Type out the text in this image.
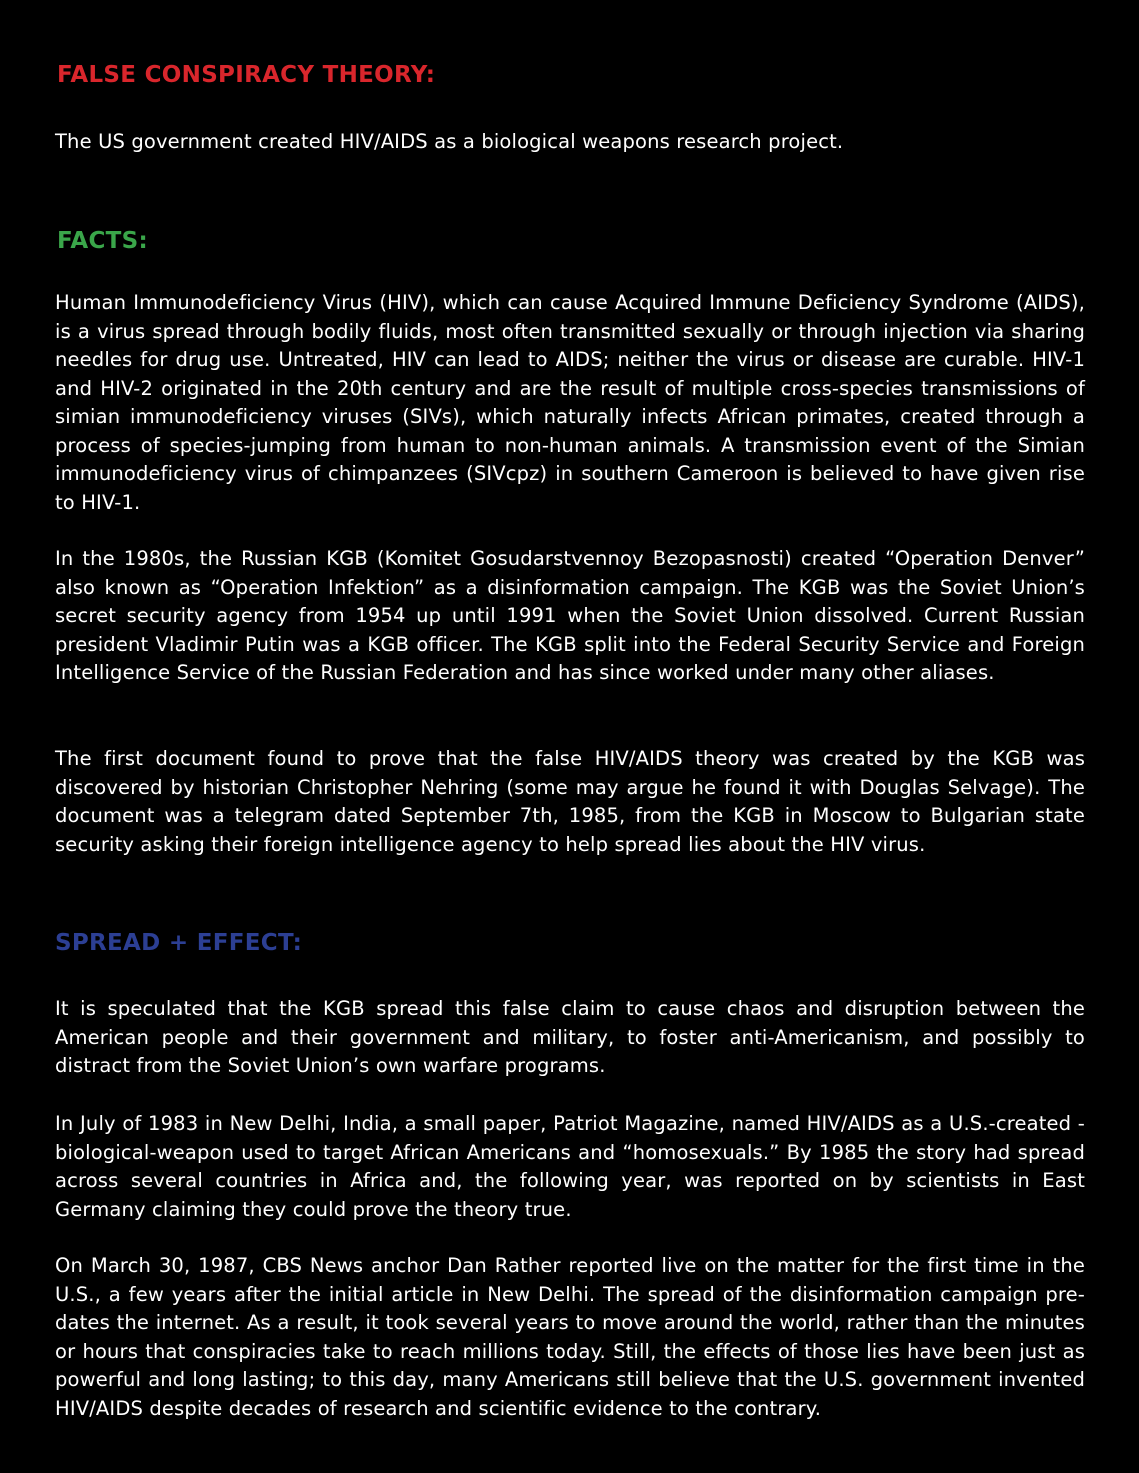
FALSE CONSPIRACY THEORY:

The US government created HIV/AIDS as a biological weapons research project.

FACTS:

Human Immunodeficiency Virus (HIV), which can cause Acquired Immune Deficiency Syndrome (AIDS), is a virus spread through bodily fluids, most often transmitted sexually or through injection via sharing needles for drug use. Untreated, HIV can lead to AIDS; neither the virus or disease are curable. HIV-1 and HIV-2 originated in the 20th century and are the result of multiple cross-species transmissions of simian immunodeficiency viruses (SIVs), which naturally infects African primates, created through a process of species-jumping from human to non-human animals. A transmission event of the Simian immunodeficiency virus of chimpanzees (SIVcpz) in southern Cameroon is believed to have given rise to HIV-1.

In the 1980s, the Russian KGB (Komitet Gosudarstvennoy Bezopasnosti) created “Operation Denver” also known as “Operation Infektion” as a disinformation campaign. The KGB was the Soviet Union’s secret security agency from 1954 up until 1991 when the Soviet Union dissolved. Current Russian president Vladimir Putin was a KGB officer. The KGB split into the Federal Security Service and Foreign Intelligence Service of the Russian Federation and has since worked under many other aliases.

The first document found to prove that the false HIV/AIDS theory was created by the KGB was discovered by historian Christopher Nehring (some may argue he found it with Douglas Selvage). The document was a telegram dated September 7th, 1985, from the KGB in Moscow to Bulgarian state security asking their foreign intelligence agency to help spread lies about the HIV virus.

SPREAD + EFFECT:

It is speculated that the KGB spread this false claim to cause chaos and disruption between the American people and their government and military, to foster anti-Americanism, and possibly to distract from the Soviet Union’s own warfare programs.

In July of 1983 in New Delhi, India, a small paper, Patriot Magazine, named HIV/AIDS as a U.S.-created -biological-weapon used to target African Americans and “homosexuals.” By 1985 the story had spread across several countries in Africa and, the following year, was reported on by scientists in East Germany claiming they could prove the theory true.

On March 30, 1987, CBS News anchor Dan Rather reported live on the matter for the first time in the U.S., a few years after the initial article in New Delhi. The spread of the disinformation campaign pre-dates the internet. As a result, it took several years to move around the world, rather than the minutes or hours that conspiracies take to reach millions today. Still, the effects of those lies have been just as powerful and long lasting; to this day, many Americans still believe that the U.S. government invented HIV/AIDS despite decades of research and scientific evidence to the contrary.
